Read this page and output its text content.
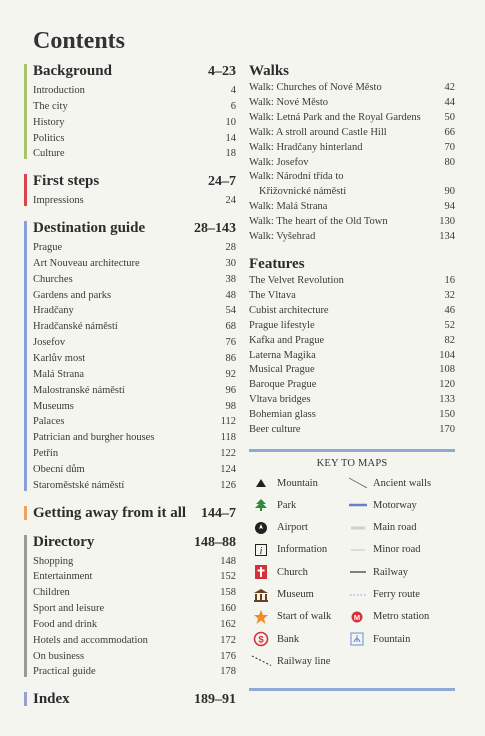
Contents
Background	4–23
Introduction	4
The city	6
History	10
Politics	14
Culture	18
First steps	24–7
Impressions	24
Destination guide	28–143
Prague	28
Art Nouveau architecture	30
Churches	38
Gardens and parks	48
Hradčany	54
Hradčanské náměstí	68
Josefov	76
Karlův most	86
Malá Strana	92
Malostranské náměstí	96
Museums	98
Palaces	112
Patrician and burgher houses	118
Petřín	122
Obecní dům	124
Staroměstské náměstí	126
Getting away from it all 144–7
Directory	148–88
Shopping	148
Entertainment	152
Children	158
Sport and leisure	160
Food and drink	162
Hotels and accommodation	172
On business	176
Practical guide	178
Index	189–91
Walks
Walk: Churches of Nové Město	42
Walk: Nové Město	44
Walk: Letná Park and the Royal Gardens 50
Walk: A stroll around Castle Hill	66
Walk: Hradčany hinterland	70
Walk: Josefov	80
Walk: Národní třída to
Křižovnické náměstí	90
Walk: Malá Strana	94
Walk: The heart of the Old Town	130
Walk: Vyšehrad	134
Features
The Velvet Revolution	16
The Vltava	32
Cubist architecture	46
Prague lifestyle	52
Kafka and Prague	82
Laterna Magika	104
Musical Prague	108
Baroque Prague	120
Vltava bridges	133
Bohemian glass	150
Beer culture	170
KEY TO MAPS
Mountain
Park
Airport
i Information
Church
Museum
Start of walk
$ Bank
Railway line
Ancient walls
Motorway
Main road
Minor road
Railway
Ferry route
M Metro station
Fountain
